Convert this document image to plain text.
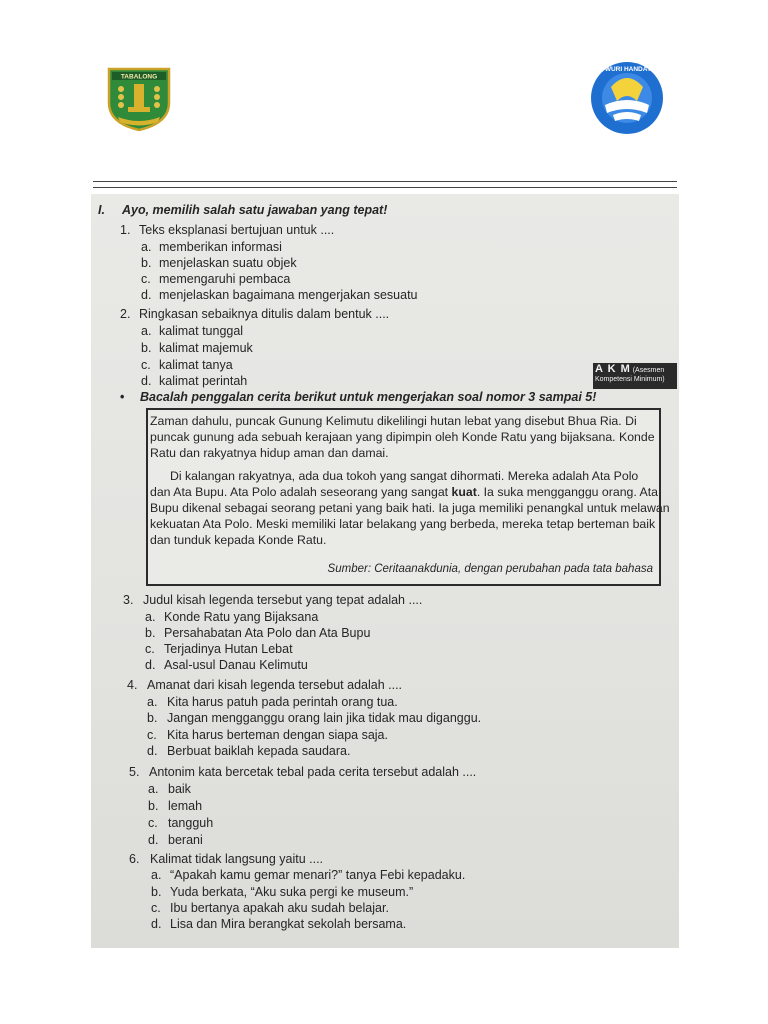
TABALONG
TUTWURI HANDAYANI
I. Ayo, memilih salah satu jawaban yang tepat!
1. Teks eksplanasi bertujuan untuk ....
a. memberikan informasi
b. menjelaskan suatu objek
c. memengaruhi pembaca
d. menjelaskan bagaimana mengerjakan sesuatu
2. Ringkasan sebaiknya ditulis dalam bentuk ....
a. kalimat tunggal
b. kalimat majemuk
c. kalimat tanya
d. kalimat perintah
A K M (Asesmen
Kompetensi Minimum)
• Bacalah penggalan cerita berikut untuk mengerjakan soal nomor 3 sampai 5!
Zaman dahulu, puncak Gunung Kelimutu dikelilingi hutan lebat yang disebut Bhua Ria. Di
puncak gunung ada sebuah kerajaan yang dipimpin oleh Konde Ratu yang bijaksana. Konde
Ratu dan rakyatnya hidup aman dan damai.
Di kalangan rakyatnya, ada dua tokoh yang sangat dihormati. Mereka adalah Ata Polo
dan Ata Bupu. Ata Polo adalah seseorang yang sangat kuat. Ia suka mengganggu orang. Ata
Bupu dikenal sebagai seorang petani yang baik hati. Ia juga memiliki penangkal untuk melawan
kekuatan Ata Polo. Meski memiliki latar belakang yang berbeda, mereka tetap berteman baik
dan tunduk kepada Konde Ratu.
Sumber: Ceritaanakdunia, dengan perubahan pada tata bahasa
3. Judul kisah legenda tersebut yang tepat adalah ....
a. Konde Ratu yang Bijaksana
b. Persahabatan Ata Polo dan Ata Bupu
c. Terjadinya Hutan Lebat
d. Asal-usul Danau Kelimutu
4. Amanat dari kisah legenda tersebut adalah ....
a. Kita harus patuh pada perintah orang tua.
b. Jangan mengganggu orang lain jika tidak mau diganggu.
c. Kita harus berteman dengan siapa saja.
d. Berbuat baiklah kepada saudara.
5. Antonim kata bercetak tebal pada cerita tersebut adalah ....
a. baik
b. lemah
c. tangguh
d. berani
6. Kalimat tidak langsung yaitu ....
a. “Apakah kamu gemar menari?” tanya Febi kepadaku.
b. Yuda berkata, “Aku suka pergi ke museum.”
c. Ibu bertanya apakah aku sudah belajar.
d. Lisa dan Mira berangkat sekolah bersama.
